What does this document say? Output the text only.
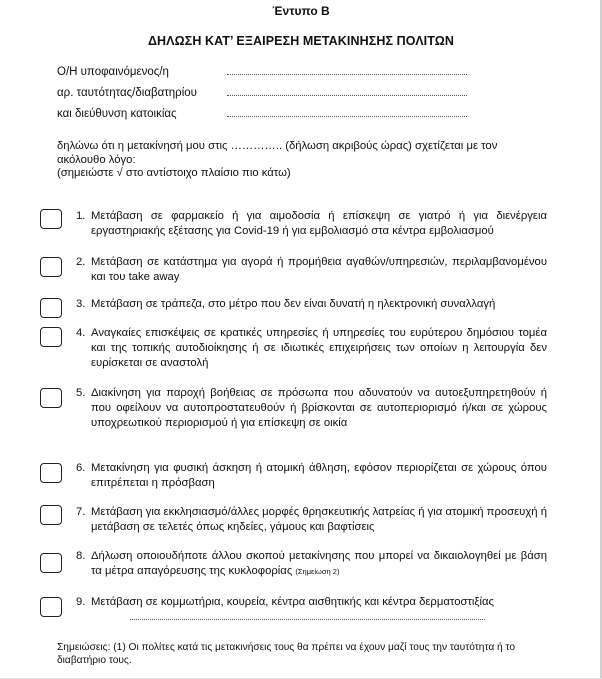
Έντυπο Β
ΔΗΛΩΣΗ ΚΑΤ’ ΕΞΑΙΡΕΣΗ ΜΕΤΑΚΙΝΗΣΗΣ ΠΟΛΙΤΩΝ
Ο/Η υποφαινόμενος/η
αρ. ταυτότητας/διαβατηρίου
και διεύθυνση κατοικίας
δηλώνω ότι η μετακίνησή μου στις ………….. (δήλωση ακριβούς ώρας) σχετίζεται με τον
ακόλουθο λόγο:
(σημειώστε √ στο αντίστοιχο πλαίσιο πιο κάτω)
1. Μετάβαση σε φαρμακείο ή για αιμοδοσία ή επίσκεψη σε γιατρό ή για διενέργεια εργαστηριακής εξέτασης για Covid-19 ή για εμβολιασμό στα κέντρα εμβολιασμού
2. Μετάβαση σε κατάστημα για αγορά ή προμήθεια αγαθών/υπηρεσιών, περιλαμβανομένου και του take away
3. Μετάβαση σε τράπεζα, στο μέτρο που δεν είναι δυνατή η ηλεκτρονική συναλλαγή
4. Αναγκαίες επισκέψεις σε κρατικές υπηρεσίες ή υπηρεσίες του ευρύτερου δημόσιου τομέα και της τοπικής αυτοδιοίκησης ή σε ιδιωτικές επιχειρήσεις των οποίων η λειτουργία δεν ευρίσκεται σε αναστολή
5. Διακίνηση για παροχή βοήθειας σε πρόσωπα που αδυνατούν να αυτοεξυπηρετηθούν ή που οφείλουν να αυτοπροστατευθούν ή βρίσκονται σε αυτοπεριορισμό ή/και σε χώρους υποχρεωτικού περιορισμού ή για επίσκεψη σε οικία
6. Μετακίνηση για φυσική άσκηση ή ατομική άθληση, εφόσον περιορίζεται σε χώρους όπου επιτρέπεται η πρόσβαση
7. Μετάβαση για εκκλησιασμό/άλλες μορφές θρησκευτικής λατρείας ή για ατομική προσευχή ή μετάβαση σε τελετές όπως κηδείες, γάμους και βαφτίσεις
8. Δήλωση οποιουδήποτε άλλου σκοπού μετακίνησης που μπορεί να δικαιολογηθεί με βάση τα μέτρα απαγόρευσης της κυκλοφορίας (Σημείωση 2)
9. Μετάβαση σε κομμωτήρια, κουρεία, κέντρα αισθητικής και κέντρα δερματοστιξίας
Σημειώσεις: (1) Οι πολίτες κατά τις μετακινήσεις τους θα πρέπει να έχουν μαζί τους την ταυτότητα ή το διαβατήριο τους.
